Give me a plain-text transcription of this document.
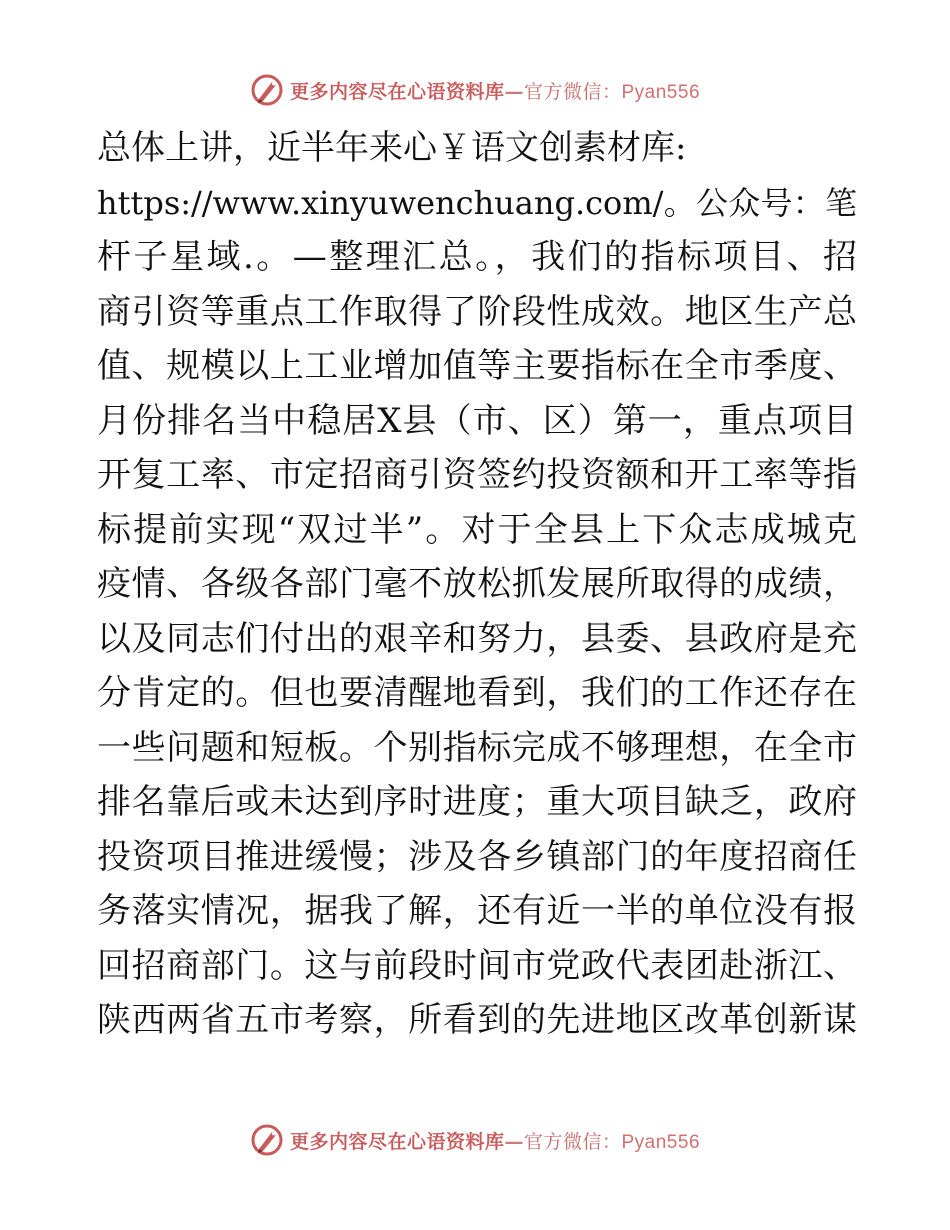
更多内容尽在心语资料库—官方微信：Pyan556
总体上讲，近半年来心￥语文创素材库:
https://www.xinyuwenchuang.com/。公众号：笔
杆子星域.。—整理汇总。，我们的指标项目、招
商引资等重点工作取得了阶段性成效。地区生产总
值、规模以上工业增加值等主要指标在全市季度、
月份排名当中稳居X县（市、区）第一，重点项目
开复工率、市定招商引资签约投资额和开工率等指
标提前实现“双过半”。对于全县上下众志成城克
疫情、各级各部门毫不放松抓发展所取得的成绩，
以及同志们付出的艰辛和努力，县委、县政府是充
分肯定的。但也要清醒地看到，我们的工作还存在
一些问题和短板。个别指标完成不够理想，在全市
排名靠后或未达到序时进度；重大项目缺乏，政府
投资项目推进缓慢；涉及各乡镇部门的年度招商任
务落实情况，据我了解，还有近一半的单位没有报
回招商部门。这与前段时间市党政代表团赴浙江、
陕西两省五市考察，所看到的先进地区改革创新谋
更多内容尽在心语资料库—官方微信：Pyan556
